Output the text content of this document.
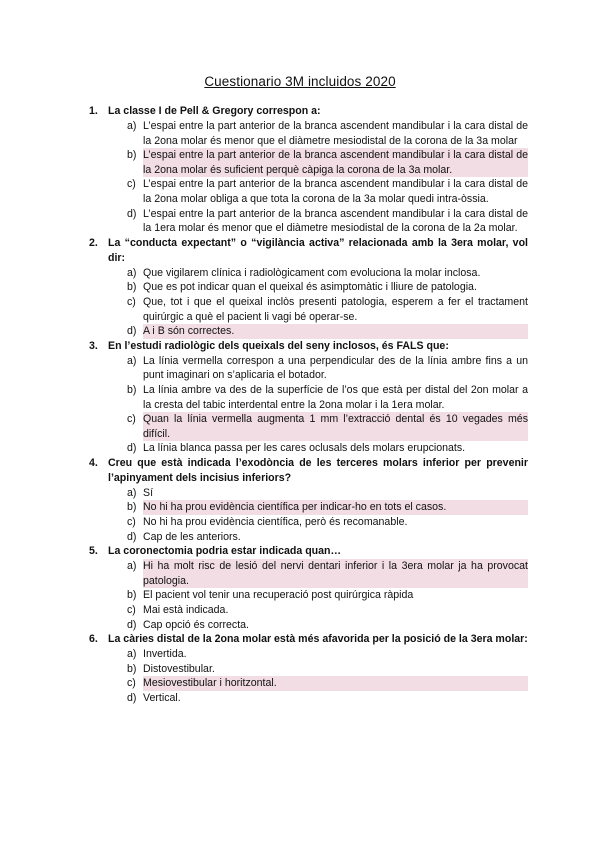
Cuestionario 3M incluidos 2020
1. La classe I de Pell & Gregory correspon a:
a) L’espai entre la part anterior de la branca ascendent mandibular i la cara distal de la 2ona molar és menor que el diàmetre mesiodistal de la corona de la 3a molar
b) L’espai entre la part anterior de la branca ascendent mandibular i la cara distal de la 2ona molar és suficient perquè càpiga la corona de la 3a molar.
c) L’espai entre la part anterior de la branca ascendent mandibular i la cara distal de la 2ona molar obliga a que tota la corona de la 3a molar quedi intra-òssia.
d) L’espai entre la part anterior de la branca ascendent mandibular i la cara distal de la 1era molar és menor que el diàmetre mesiodistal de la corona de la 2a molar.
2. La “conducta expectant” o “vigilància activa” relacionada amb la 3era molar, vol dir:
a) Que vigilarem clínica i radiològicament com evoluciona la molar inclosa.
b) Que es pot indicar quan el queixal és asimptomàtic i lliure de patologia.
c) Que, tot i que el queixal inclòs presenti patologia, esperem a fer el tractament quirúrgic a què el pacient li vagi bé operar-se.
d) A i B són correctes.
3. En l’estudi radiològic dels queixals del seny inclosos, és FALS que:
a) La línia vermella correspon a una perpendicular des de la línia ambre fins a un punt imaginari on s’aplicaria el botador.
b) La línia ambre va des de la superfície de l’os que està per distal del 2on molar a la cresta del tabic interdental entre la 2ona molar i la 1era molar.
c) Quan la línia vermella augmenta 1 mm l’extracció dental és 10 vegades més difícil.
d) La línia blanca passa per les cares oclusals dels molars erupcionats.
4. Creu que està indicada l’exodòncia de les terceres molars inferior per prevenir l’apinyament dels incisius inferiors?
a) Sí
b) No hi ha prou evidència científica per indicar-ho en tots el casos.
c) No hi ha prou evidència científica, però és recomanable.
d) Cap de les anteriors.
5. La coronectomia podria estar indicada quan…
a) Hi ha molt risc de lesió del nervi dentari inferior i la 3era molar ja ha provocat patologia.
b) El pacient vol tenir una recuperació post quirúrgica ràpida
c) Mai està indicada.
d) Cap opció és correcta.
6. La càries distal de la 2ona molar està més afavorida per la posició de la 3era molar:
a) Invertida.
b) Distovestibular.
c) Mesiovestibular i horitzontal.
d) Vertical.
